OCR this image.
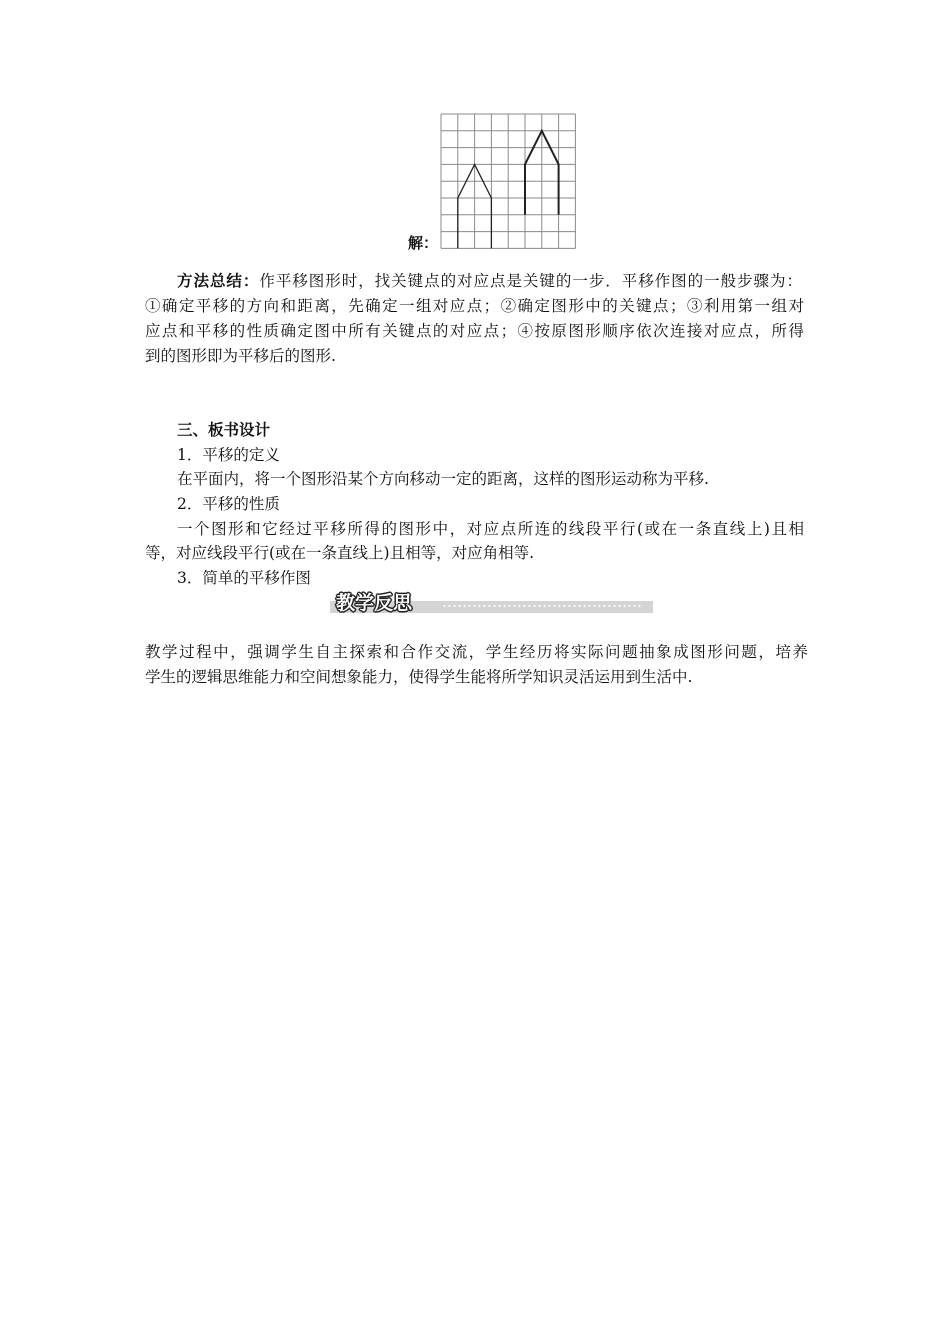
解：
方法总结：作平移图形时，找关键点的对应点是关键的一步．平移作图的一般步骤为：
①确定平移的方向和距离，先确定一组对应点；②确定图形中的关键点；③利用第一组对
应点和平移的性质确定图中所有关键点的对应点；④按原图形顺序依次连接对应点，所得
到的图形即为平移后的图形.
三、板书设计
1．平移的定义
在平面内，将一个图形沿某个方向移动一定的距离，这样的图形运动称为平移.
2．平移的性质
一个图形和它经过平移所得的图形中，对应点所连的线段平行(或在一条直线上)且相
等，对应线段平行(或在一条直线上)且相等，对应角相等.
3．简单的平移作图
教学反思
教学过程中，强调学生自主探索和合作交流，学生经历将实际问题抽象成图形问题，培养
学生的逻辑思维能力和空间想象能力，使得学生能将所学知识灵活运用到生活中.
